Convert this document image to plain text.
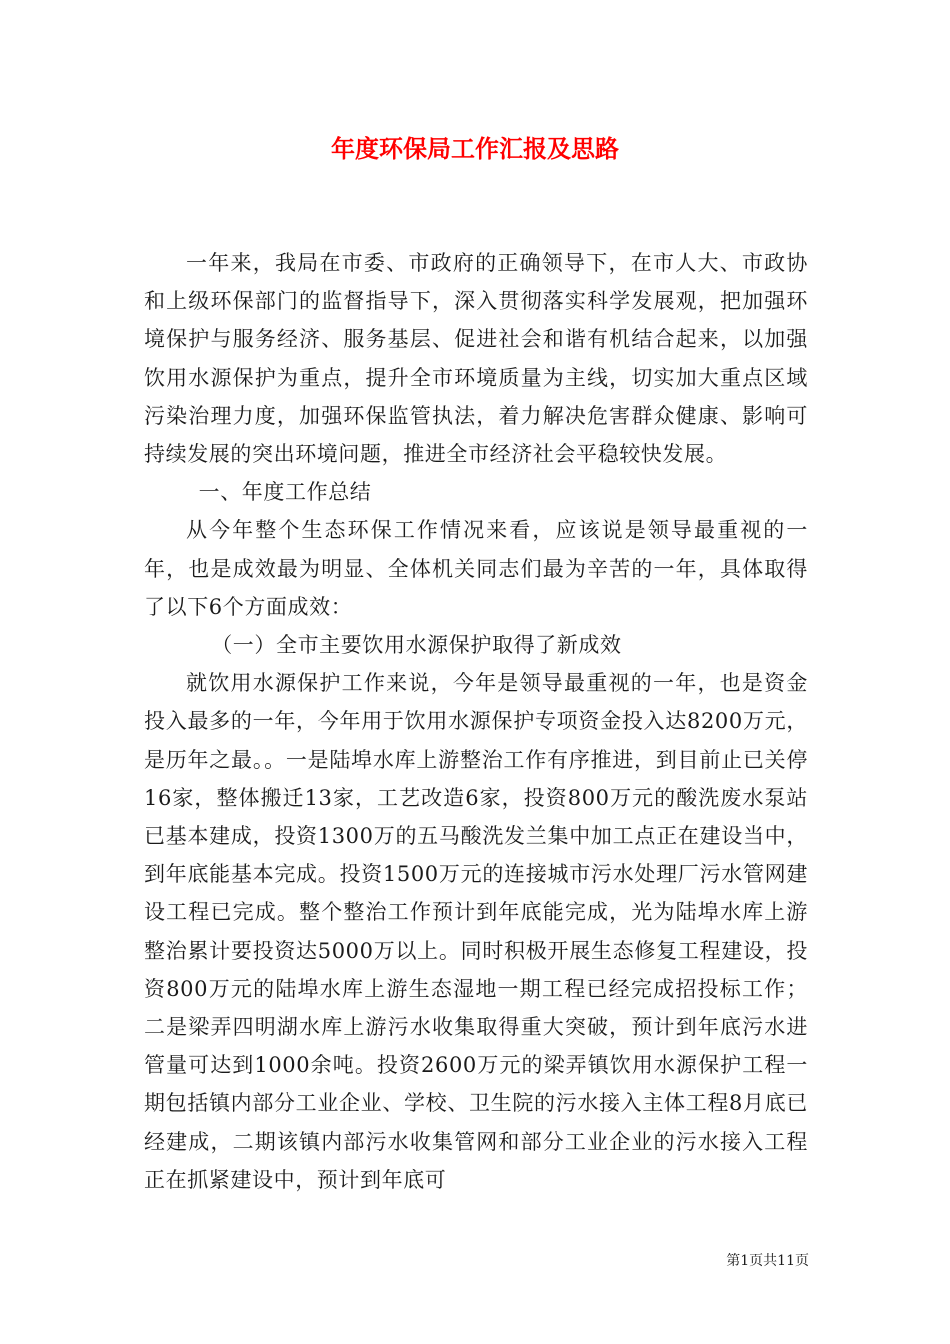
年度环保局工作汇报及思路

一年来，我局在市委、市政府的正确领导下，在市人大、市政协和上级环保部门的监督指导下，深入贯彻落实科学发展观，把加强环境保护与服务经济、服务基层、促进社会和谐有机结合起来，以加强饮用水源保护为重点，提升全市环境质量为主线，切实加大重点区域污染治理力度，加强环保监管执法，着力解决危害群众健康、影响可持续发展的突出环境问题，推进全市经济社会平稳较快发展。

一、年度工作总结

从今年整个生态环保工作情况来看，应该说是领导最重视的一年，也是成效最为明显、全体机关同志们最为辛苦的一年，具体取得了以下6个方面成效：

（一）全市主要饮用水源保护取得了新成效

就饮用水源保护工作来说，今年是领导最重视的一年，也是资金投入最多的一年，今年用于饮用水源保护专项资金投入达8200万元，是历年之最。。一是陆埠水库上游整治工作有序推进，到目前止已关停16家，整体搬迁13家，工艺改造6家，投资800万元的酸洗废水泵站已基本建成，投资1300万的五马酸洗发兰集中加工点正在建设当中，到年底能基本完成。投资1500万元的连接城市污水处理厂污水管网建设工程已完成。整个整治工作预计到年底能完成，光为陆埠水库上游整治累计要投资达5000万以上。同时积极开展生态修复工程建设，投资800万元的陆埠水库上游生态湿地一期工程已经完成招投标工作；二是梁弄四明湖水库上游污水收集取得重大突破，预计到年底污水进管量可达到1000余吨。投资2600万元的梁弄镇饮用水源保护工程一期包括镇内部分工业企业、学校、卫生院的污水接入主体工程8月底已经建成，二期该镇内部污水收集管网和部分工业企业的污水接入工程正在抓紧建设中，预计到年底可

第1页共11页
